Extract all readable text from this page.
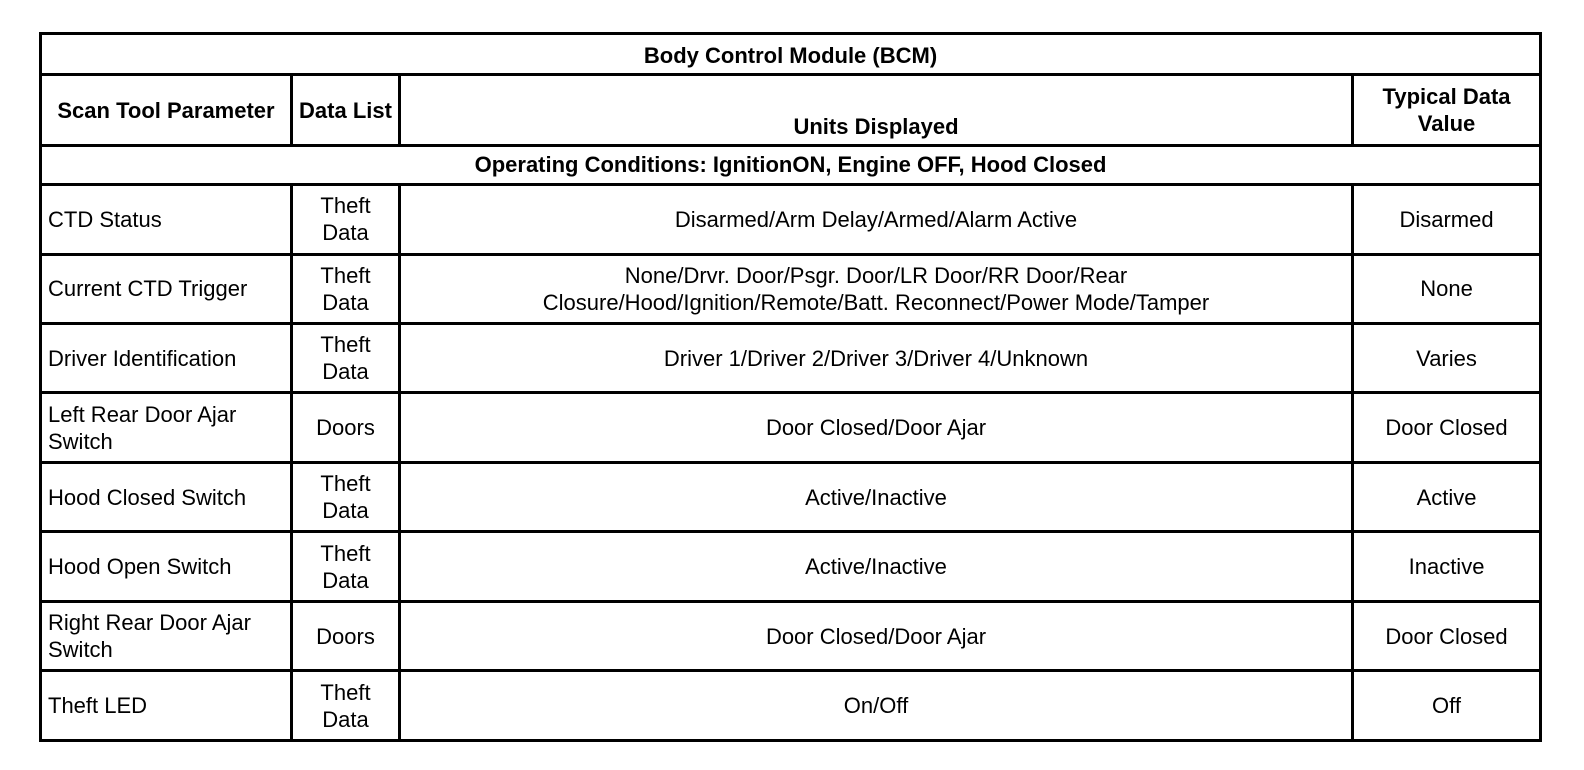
Body Control Module (BCM)			
Scan Tool Parameter	Data List	Units Displayed	Typical Data Value
Operating Conditions: IgnitionON, Engine OFF, Hood Closed			
CTD Status	Theft Data	Disarmed/Arm Delay/Armed/Alarm Active	Disarmed
Current CTD Trigger	Theft Data	None/Drvr. Door/Psgr. Door/LR Door/RR Door/Rear Closure/Hood/Ignition/Remote/Batt. Reconnect/Power Mode/Tamper	None
Driver Identification	Theft Data	Driver 1/Driver 2/Driver 3/Driver 4/Unknown	Varies
Left Rear Door Ajar Switch	Doors	Door Closed/Door Ajar	Door Closed
Hood Closed Switch	Theft Data	Active/Inactive	Active
Hood Open Switch	Theft Data	Active/Inactive	Inactive
Right Rear Door Ajar Switch	Doors	Door Closed/Door Ajar	Door Closed
Theft LED	Theft Data	On/Off	Off
